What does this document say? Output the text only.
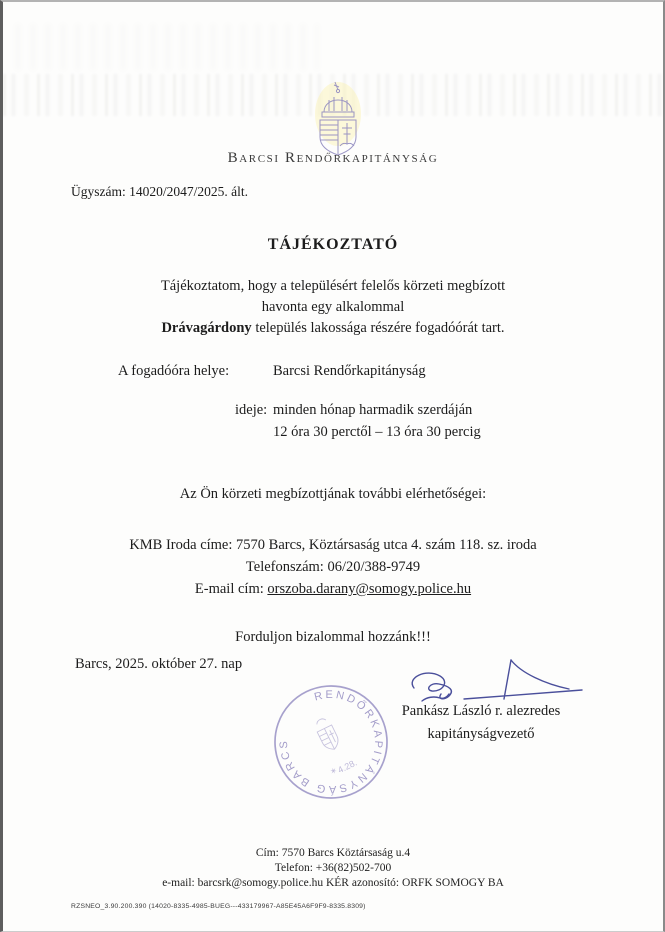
Barcsi Rendőrkapitányság
Ügyszám: 14020/2047/2025. ált.
TÁJÉKOZTATÓ
Tájékoztatom, hogy a településért felelős körzeti megbízott
havonta egy alkalommal
Drávagárdony település lakossága részére fogadóórát tart.
A fogadóóra helye:	Barcsi Rendőrkapitányság
ideje: minden hónap harmadik szerdáján
12 óra 30 perctől – 13 óra 30 percig
Az Ön körzeti megbízottjának további elérhetőségei:
KMB Iroda címe: 7570 Barcs, Köztársaság utca 4. szám 118. sz. iroda
Telefonszám: 06/20/388-9749
E-mail cím: orszoba.darany@somogy.police.hu
Forduljon bizalommal hozzánk!!!
Barcs, 2025. október 27. nap
RENDŐRKAPITÁNYSÁG BARCS
✶
4.28.
Pankász László r. alezredes
kapitányságvezető
Cím: 7570 Barcs Köztársaság u.4
Telefon: +36(82)502-700
e-mail: barcsrk@somogy.police.hu KÉR azonosító: ORFK SOMOGY BA
RZSNEO_3.90.200.390 (14020-8335-4985-BUEG---433179967-A85E45A6F9F9-8335.8309)
